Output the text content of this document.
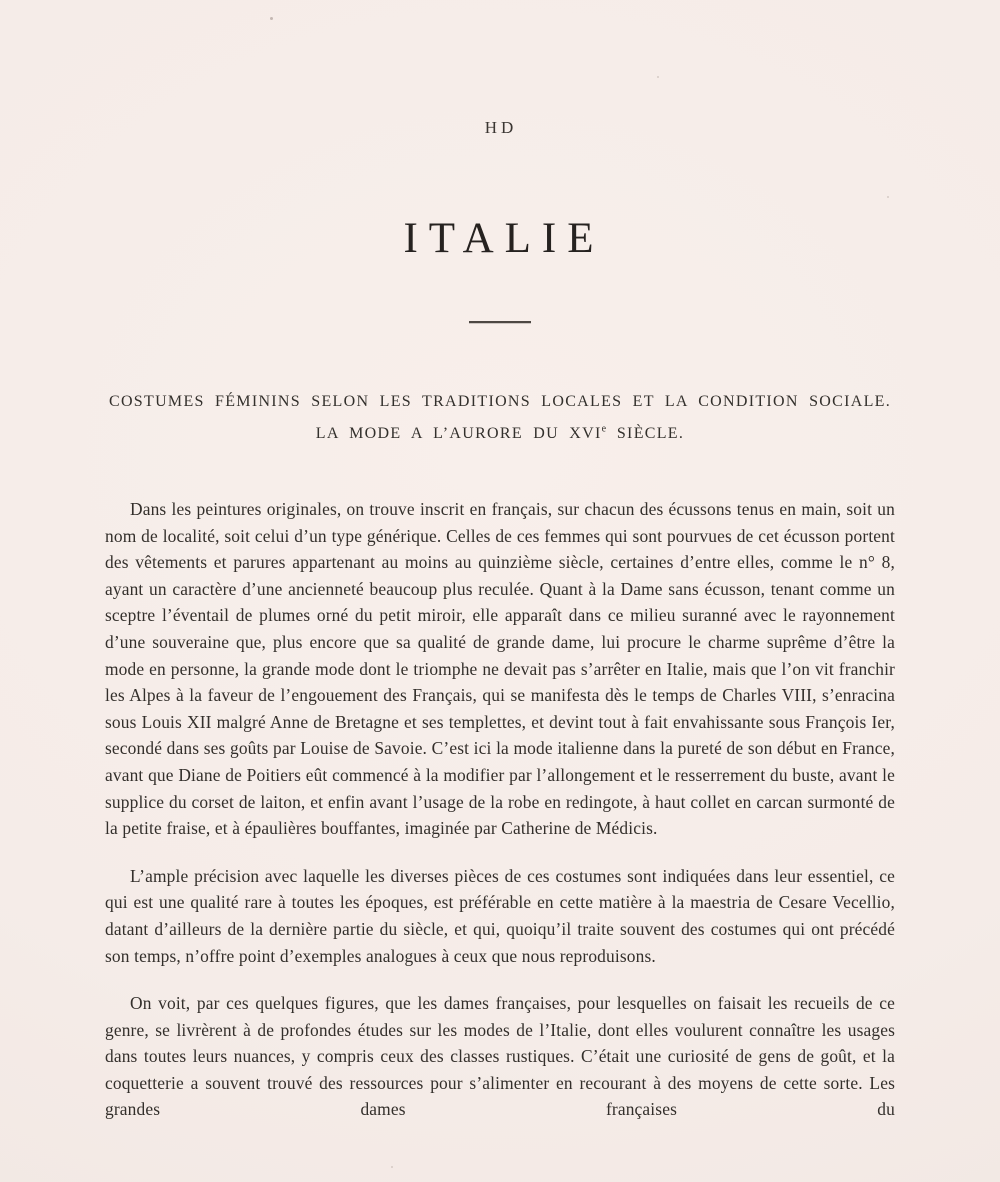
HD
ITALIE
COSTUMES FÉMININS SELON LES TRADITIONS LOCALES ET LA CONDITION SOCIALE.
LA MODE A L’AURORE DU XVIe SIÈCLE.

Dans les peintures originales, on trouve inscrit en français, sur chacun des écussons tenus en main, soit un nom de localité, soit celui d’un type générique. Celles de ces femmes qui sont pourvues de cet écusson portent des vêtements et parures appartenant au moins au quinzième siècle, certaines d’entre elles, comme le n° 8, ayant un caractère d’une ancienneté beaucoup plus reculée. Quant à la Dame sans écusson, tenant comme un sceptre l’éventail de plumes orné du petit miroir, elle apparaît dans ce milieu suranné avec le rayonnement d’une souveraine que, plus encore que sa qualité de grande dame, lui procure le charme suprême d’être la mode en personne, la grande mode dont le triomphe ne devait pas s’arrêter en Italie, mais que l’on vit franchir les Alpes à la faveur de l’engouement des Français, qui se manifesta dès le temps de Charles VIII, s’enracina sous Louis XII malgré Anne de Bretagne et ses templettes, et devint tout à fait envahissante sous François Ier, secondé dans ses goûts par Louise de Savoie. C’est ici la mode italienne dans la pureté de son début en France, avant que Diane de Poitiers eût commencé à la modifier par l’allongement et le resserrement du buste, avant le supplice du corset de laiton, et enfin avant l’usage de la robe en redingote, à haut collet en carcan surmonté de la petite fraise, et à épaulières bouffantes, imaginée par Catherine de Médicis.

L’ample précision avec laquelle les diverses pièces de ces costumes sont indiquées dans leur essentiel, ce qui est une qualité rare à toutes les époques, est préférable en cette matière à la maestria de Cesare Vecellio, datant d’ailleurs de la dernière partie du siècle, et qui, quoiqu’il traite souvent des costumes qui ont précédé son temps, n’offre point d’exemples analogues à ceux que nous reproduisons.

On voit, par ces quelques figures, que les dames françaises, pour lesquelles on faisait les recueils de ce genre, se livrèrent à de profondes études sur les modes de l’Italie, dont elles voulurent connaître les usages dans toutes leurs nuances, y compris ceux des classes rustiques. C’était une curiosité de gens de goût, et la coquetterie a souvent trouvé des ressources pour s’alimenter en recourant à des moyens de cette sorte. Les grandes dames françaises du
